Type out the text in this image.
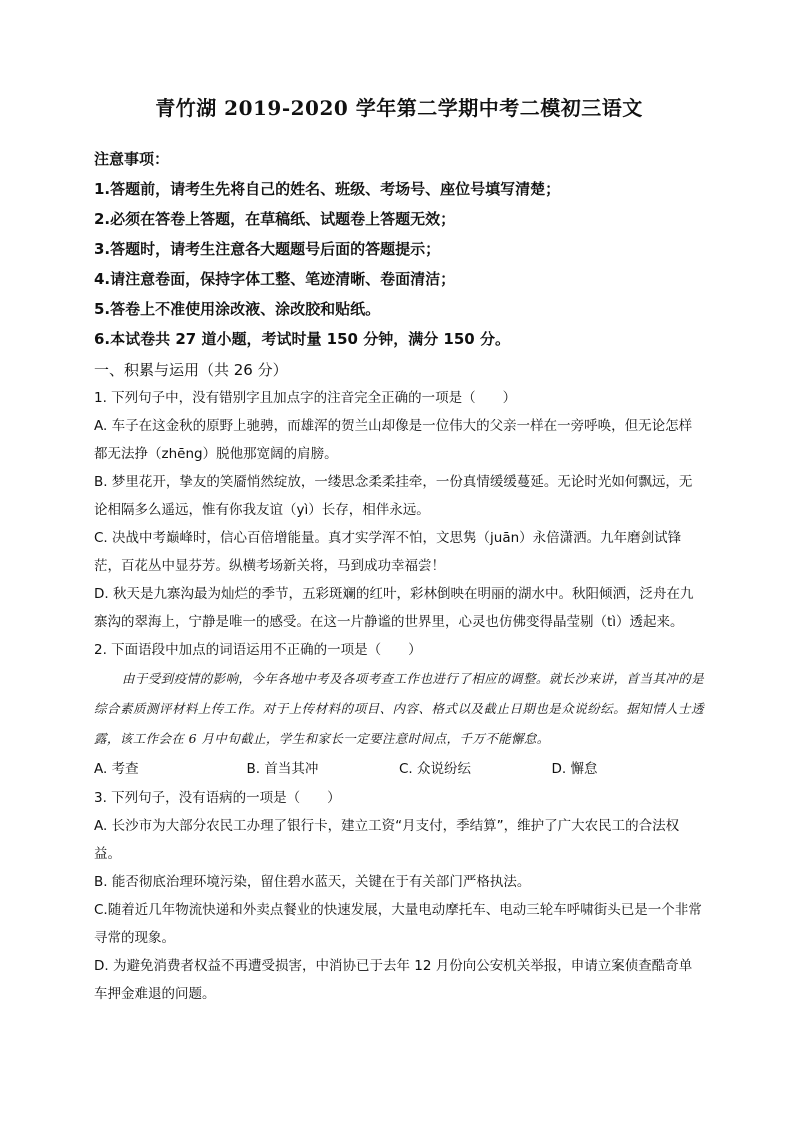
青竹湖 2019-2020 学年第二学期中考二模初三语文
注意事项：
1.答题前，请考生先将自己的姓名、班级、考场号、座位号填写清楚；
2.必须在答卷上答题，在草稿纸、试题卷上答题无效；
3.答题时，请考生注意各大题题号后面的答题提示；
4.请注意卷面，保持字体工整、笔迹清晰、卷面清洁；
5.答卷上不准使用涂改液、涂改胶和贴纸。
6.本试卷共 27 道小题，考试时量 150 分钟，满分 150 分。
一、积累与运用（共 26 分）
1. 下列句子中，没有错别字且加点字的注音完全正确的一项是（　　）
A. 车子在这金秋的原野上驰骋，而雄浑的贺兰山却像是一位伟大的父亲一样在一旁呼唤，但无论怎样都无法挣（zhēng）脱他那宽阔的肩膀。
B. 梦里花开，挚友的笑靥悄然绽放，一缕思念柔柔挂牵，一份真情缓缓蔓延。无论时光如何飘远，无论相隔多么遥远，惟有你我友谊（yì）长存，相伴永远。
C. 决战中考巅峰时，信心百倍增能量。真才实学浑不怕，文思隽（juān）永倍潇洒。九年磨剑试锋茫，百花丛中显芬芳。纵横考场新关将，马到成功幸福尝！
D. 秋天是九寨沟最为灿烂的季节，五彩斑斓的红叶，彩林倒映在明丽的湖水中。秋阳倾洒，泛舟在九寨沟的翠海上，宁静是唯一的感受。在这一片静谧的世界里，心灵也仿佛变得晶莹剔（tì）透起来。
2. 下面语段中加点的词语运用不正确的一项是（　　）
由于受到疫情的影响，今年各地中考及各项考查工作也进行了相应的调整。就长沙来讲，首当其冲的是综合素质测评材料上传工作。对于上传材料的项目、内容、格式以及截止日期也是众说纷纭。据知情人士透露，该工作会在 6 月中旬截止，学生和家长一定要注意时间点，千万不能懈怠。
A. 考查	B. 首当其冲	C. 众说纷纭	D. 懈怠
3. 下列句子，没有语病的一项是（　　）
A. 长沙市为大部分农民工办理了银行卡，建立工资“月支付，季结算”，维护了广大农民工的合法权益。
B. 能否彻底治理环境污染，留住碧水蓝天，关键在于有关部门严格执法。
C.随着近几年物流快递和外卖点餐业的快速发展，大量电动摩托车、电动三轮车呼啸街头已是一个非常寻常的现象。
D. 为避免消费者权益不再遭受损害，中消协已于去年 12 月份向公安机关举报，申请立案侦查酷奇单车押金难退的问题。
